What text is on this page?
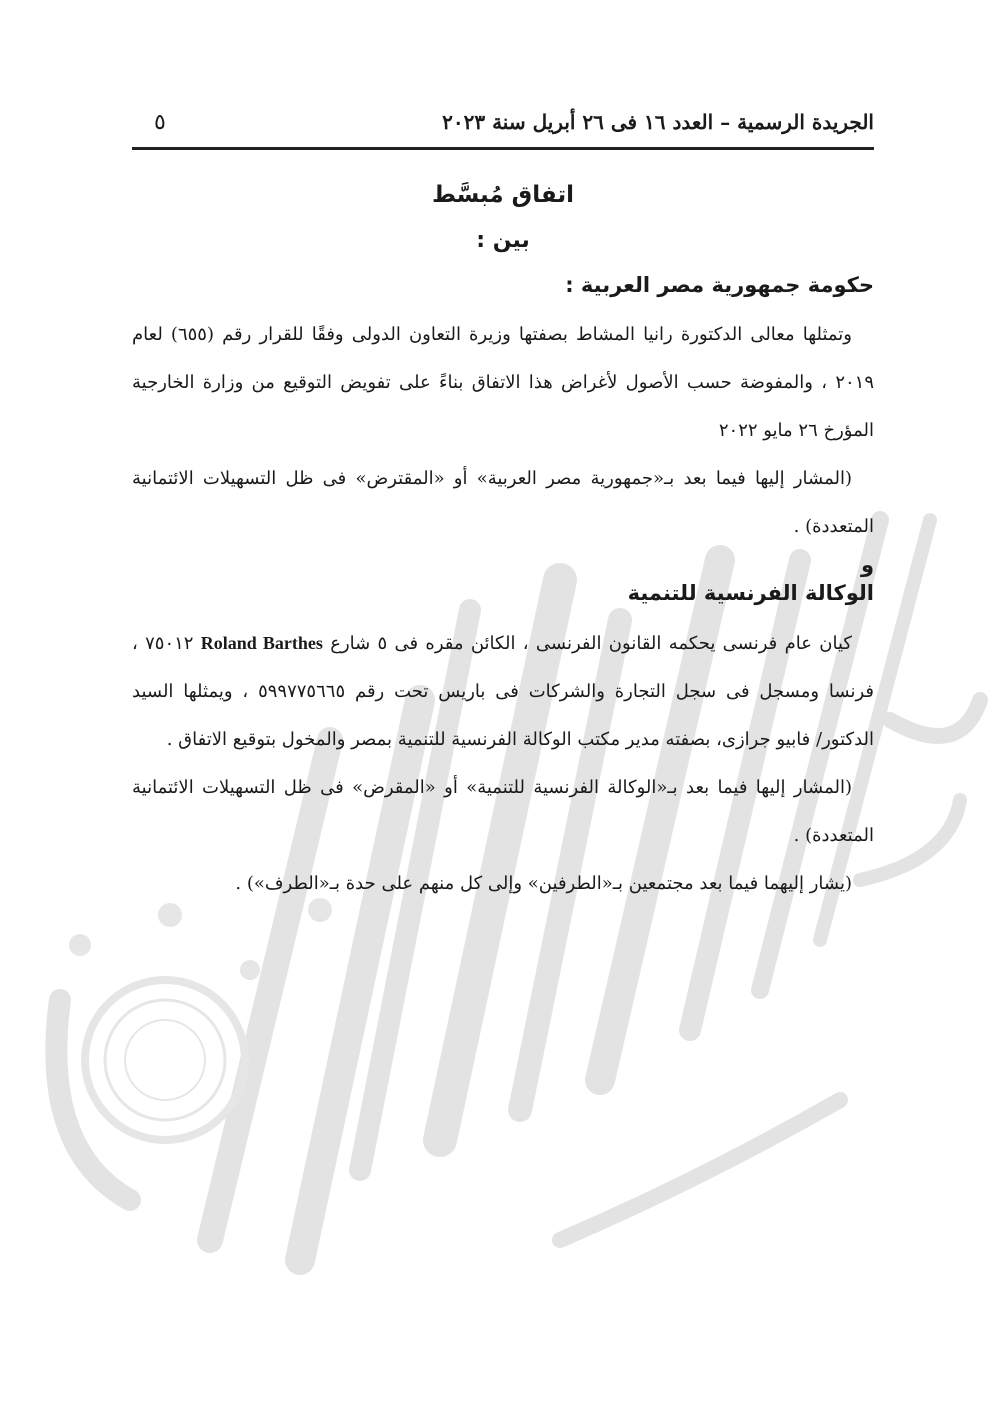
الجريدة الرسمية – العدد ١٦ فى ٢٦ أبريل سنة ٢٠٢٣
٥
اتفاق مُبسَّط
بين :
حكومة جمهورية مصر العربية :

وتمثلها معالى الدكتورة رانيا المشاط بصفتها وزيرة التعاون الدولى وفقًا للقرار رقم (٦٥٥) لعام ٢٠١٩ ، والمفوضة حسب الأصول لأغراض هذا الاتفاق بناءً على تفويض التوقيع من وزارة الخارجية المؤرخ ٢٦ مايو ٢٠٢٢

(المشار إليها فيما بعد بـ«جمهورية مصر العربية» أو «المقترض» فى ظل التسهيلات الائتمانية المتعددة) .

و
الوكالة الفرنسية للتنمية

كيان عام فرنسى يحكمه القانون الفرنسى ، الكائن مقره فى ٥ شارع Roland Barthes ٧٥٠١٢ ، فرنسا ومسجل فى سجل التجارة والشركات فى باريس تحت رقم ٥٩٩٧٧٥٦٦٥ ، ويمثلها السيد الدكتور/ فابيو جرازى، بصفته مدير مكتب الوكالة الفرنسية للتنمية بمصر والمخول بتوقيع الاتفاق .

(المشار إليها فيما بعد بـ«الوكالة الفرنسية للتنمية» أو «المقرض» فى ظل التسهيلات الائتمانية المتعددة) .

(يشار إليهما فيما بعد مجتمعين بـ«الطرفين» وإلى كل منهم على حدة بـ«الطرف») .
